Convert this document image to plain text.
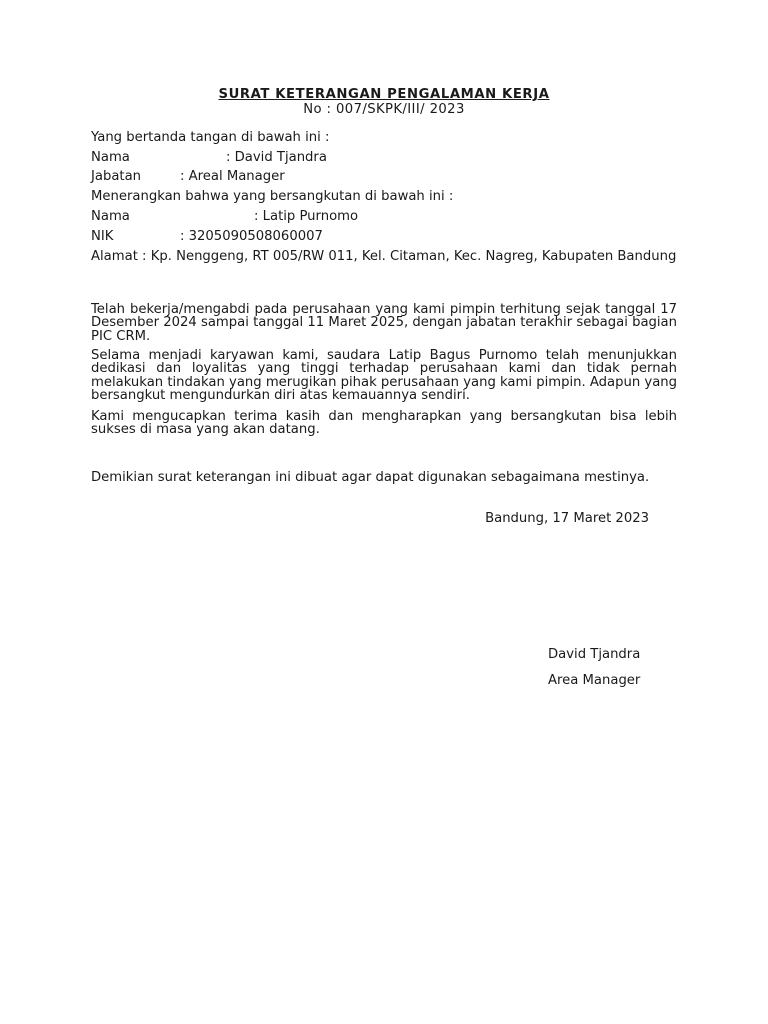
SURAT KETERANGAN PENGALAMAN KERJA
No : 007/SKPK/III/ 2023
Yang bertanda tangan di bawah ini :
Nama	: David Tjandra
Jabatan	: Areal Manager
Menerangkan bahwa yang bersangkutan di bawah ini :
Nama	: Latip Purnomo
NIK	: 3205090508060007
Alamat : Kp. Nenggeng, RT 005/RW 011, Kel. Citaman, Kec. Nagreg, Kabupaten Bandung
Telah bekerja/mengabdi pada perusahaan yang kami pimpin terhitung sejak tanggal 17 Desember 2024 sampai tanggal 11 Maret 2025, dengan jabatan terakhir sebagai bagian PIC CRM.
Selama menjadi karyawan kami, saudara Latip Bagus Purnomo telah menunjukkan dedikasi dan loyalitas yang tinggi terhadap perusahaan kami dan tidak pernah melakukan tindakan yang merugikan pihak perusahaan yang kami pimpin. Adapun yang bersangkut mengundurkan diri atas kemauannya sendiri.
Kami mengucapkan terima kasih dan mengharapkan yang bersangkutan bisa lebih sukses di masa yang akan datang.
Demikian surat keterangan ini dibuat agar dapat digunakan sebagaimana mestinya.
Bandung, 17 Maret 2023
David Tjandra
Area Manager
